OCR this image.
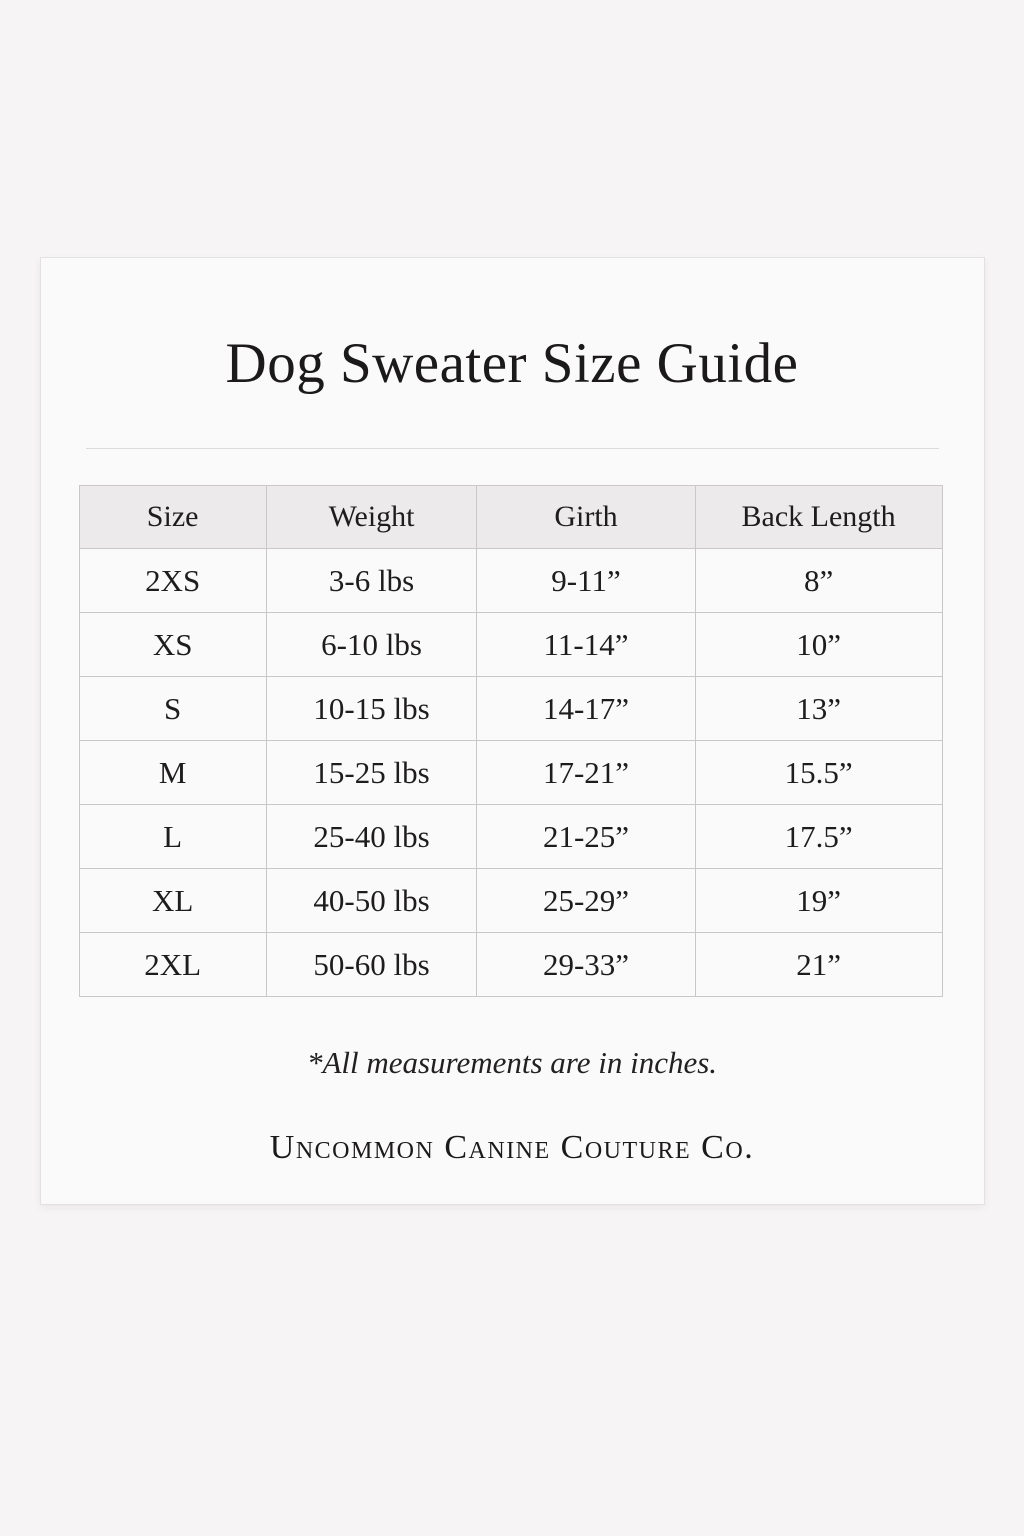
Dog Sweater Size Guide
Size	Weight	Girth	Back Length
2XS	3-6 lbs	9-11”	8”
XS	6-10 lbs	11-14”	10”
S	10-15 lbs	14-17”	13”
M	15-25 lbs	17-21”	15.5”
L	25-40 lbs	21-25”	17.5”
XL	40-50 lbs	25-29”	19”
2XL	50-60 lbs	29-33”	21”
*All measurements are in inches.
Uncommon Canine Couture Co.
